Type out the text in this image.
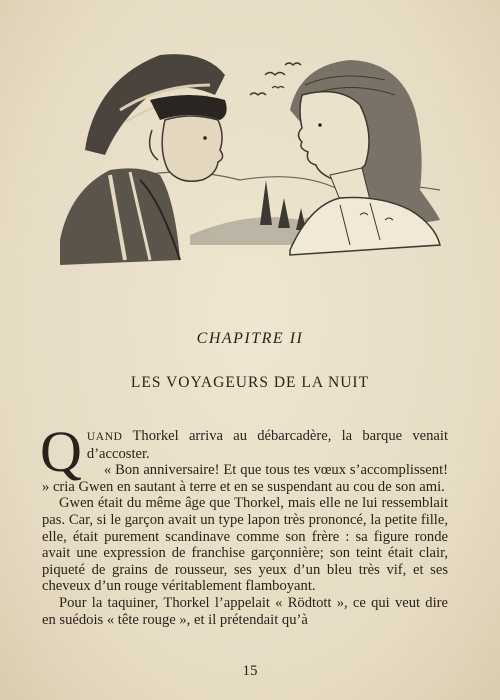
CHAPITRE II
LES VOYAGEURS DE LA NUIT

QUAND Thorkel arriva au débarcadère, la barque venait d’accoster.

« Bon anniversaire! Et que tous tes vœux s’accomplissent! » cria Gwen en sautant à terre et en se suspendant au cou de son ami.

Gwen était du même âge que Thorkel, mais elle ne lui ressemblait pas. Car, si le garçon avait un type lapon très prononcé, la petite fille, elle, était purement scandinave comme son frère : sa figure ronde avait une expression de franchise garçonnière; son teint était clair, piqueté de grains de rousseur, ses yeux d’un bleu très vif, et ses cheveux d’un rouge véritablement flamboyant.

Pour la taquiner, Thorkel l’appelait « Rödtott », ce qui veut dire en suédois « tête rouge », et il prétendait qu’à

15
